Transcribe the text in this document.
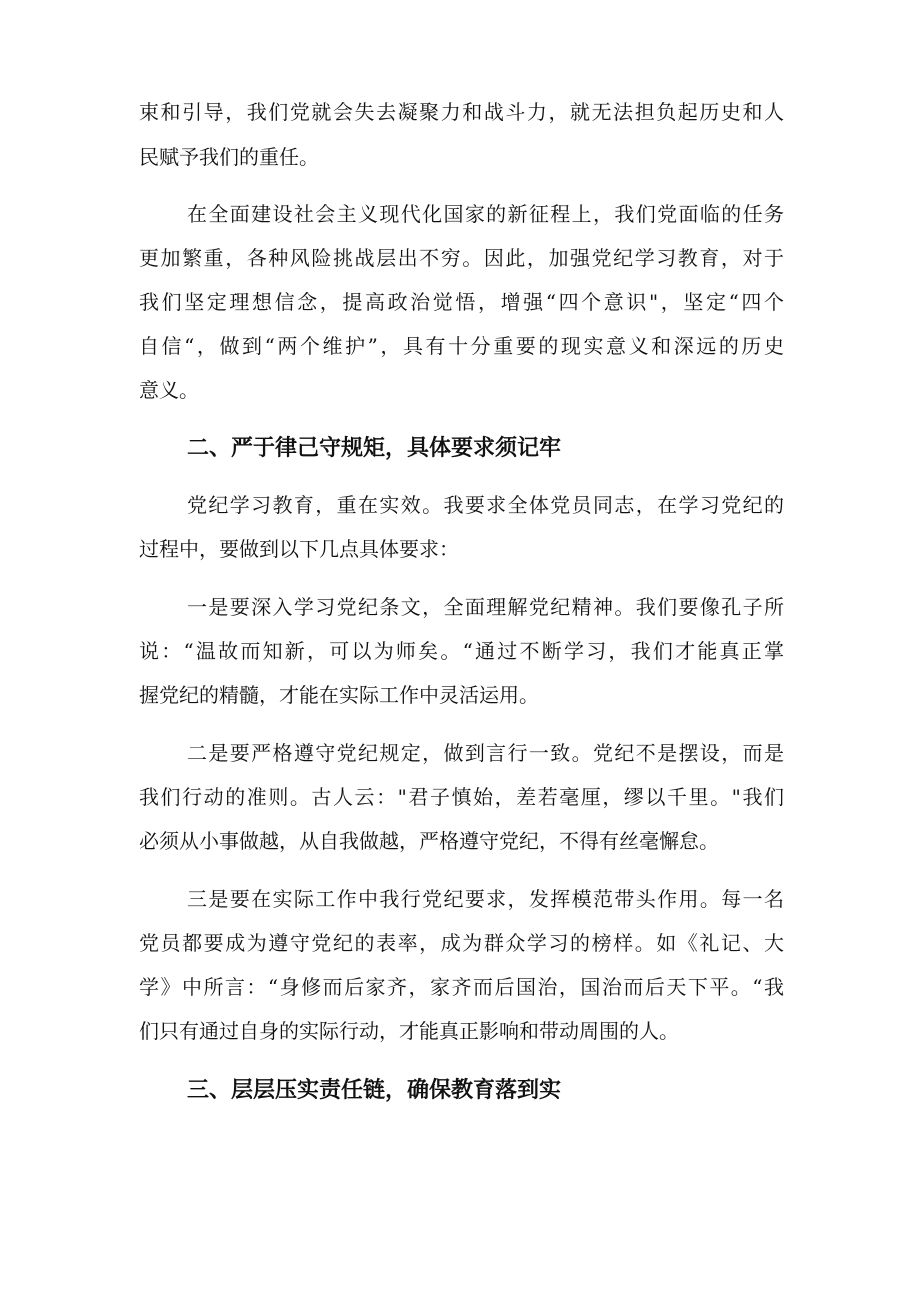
束和引导，我们党就会失去凝聚力和战斗力，就无法担负起历史和人
民赋予我们的重任。
在全面建设社会主义现代化国家的新征程上，我们党面临的任务
更加繁重，各种风险挑战层出不穷。因此，加强党纪学习教育，对于
我们坚定理想信念，提高政治觉悟，增强“四个意识"，坚定“四个
自信“，做到“两个维护”，具有十分重要的现实意义和深远的历史
意义。
二、严于律己守规矩，具体要求须记牢
党纪学习教育，重在实效。我要求全体党员同志，在学习党纪的
过程中，要做到以下几点具体要求：
一是要深入学习党纪条文，全面理解党纪精神。我们要像孔子所
说：“温故而知新，可以为师矣。“通过不断学习，我们才能真正掌
握党纪的精髓，才能在实际工作中灵活运用。
二是要严格遵守党纪规定，做到言行一致。党纪不是摆设，而是
我们行动的准则。古人云："君子慎始，差若毫厘，缪以千里。"我们
必须从小事做越，从自我做越，严格遵守党纪，不得有丝毫懈怠。
三是要在实际工作中我行党纪要求，发挥模范带头作用。每一名
党员都要成为遵守党纪的表率，成为群众学习的榜样。如《礼记、大
学》中所言：“身修而后家齐，家齐而后国治，国治而后天下平。“我
们只有通过自身的实际行动，才能真正影响和带动周围的人。
三、层层压实责任链，确保教育落到实
